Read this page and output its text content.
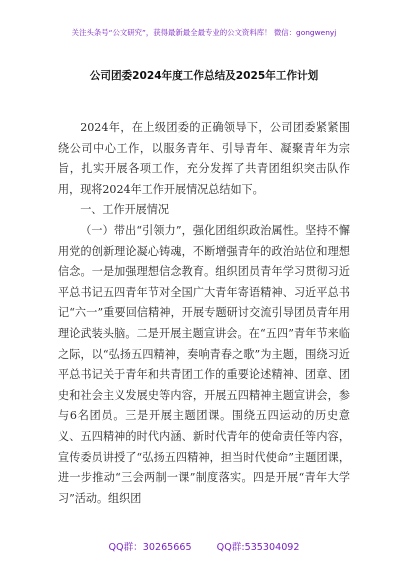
关注头条号“公文研究”，获得最新最全最专业的公文资料库！ 微信：gongwenyj
公司团委2024年度工作总结及2025年工作计划

2024年，在上级团委的正确领导下，公司团委紧紧围绕公司中心工作，以服务青年、引导青年、凝聚青年为宗旨，扎实开展各项工作，充分发挥了共青团组织突击队作用，现将2024年工作开展情况总结如下。

一、工作开展情况

（一）带出“引领力”，强化团组织政治属性。坚持不懈用党的创新理论凝心铸魂，不断增强青年的政治站位和理想信念。一是加强理想信念教育。组织团员青年学习贯彻习近平总书记五四青年节对全国广大青年寄语精神、习近平总书记“六一”重要回信精神，开展专题研讨交流引导团员青年用理论武装头脑。二是开展主题宣讲会。在“五四”青年节来临之际，以“弘扬五四精神，奏响青春之歌”为主题，围绕习近平总书记关于青年和共青团工作的重要论述精神、团章、团史和社会主义发展史等内容，开展五四精神主题宣讲会，参与6名团员。三是开展主题团课。围绕五四运动的历史意义、五四精神的时代内涵、新时代青年的使命责任等内容，宣传委员讲授了“弘扬五四精神，担当时代使命”主题团课，进一步推动“三会两制一课”制度落实。四是开展“青年大学习”活动。组织团

QQ群：30265665	QQ群:535304092
